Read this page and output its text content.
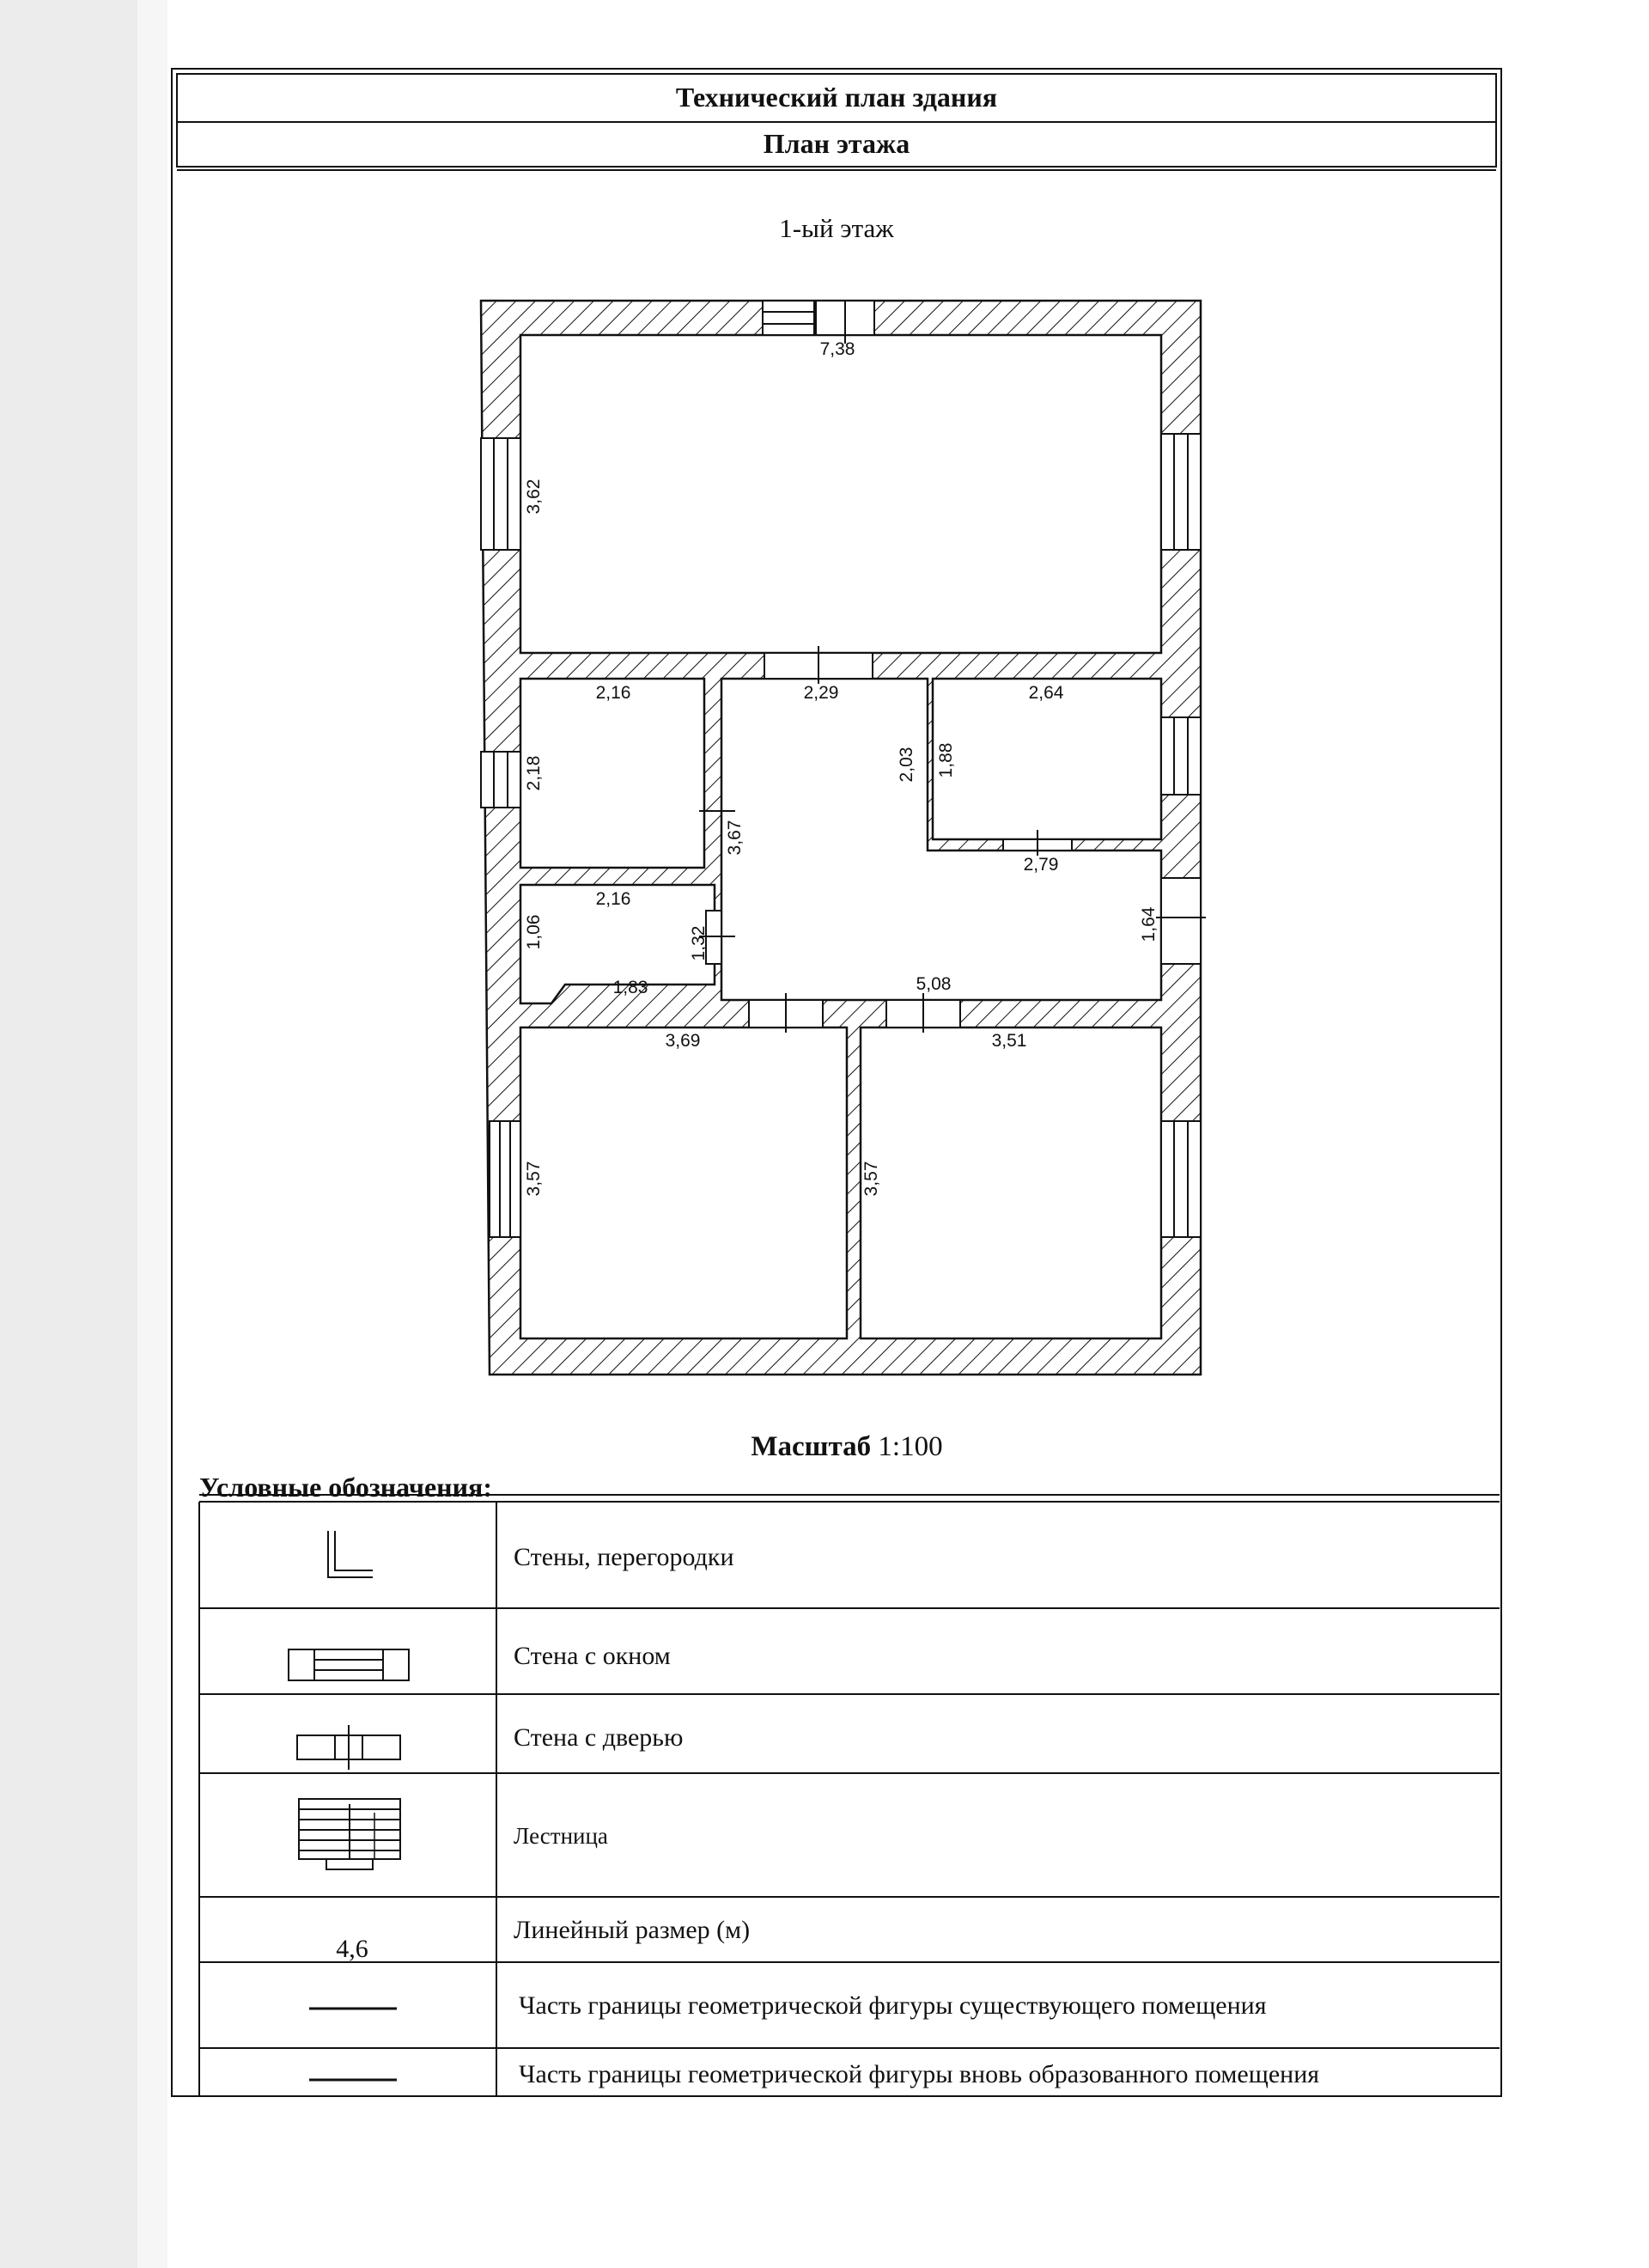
Технический план здания
План этажа
1-ый этаж
7,38
3,62
2,16
2,18
2,29
3,67
2,64
2,03 1,88
2,16
1,06	1,32
1,83
2,79
1,64
5,08
3,69
3,57
3,51
3,57
Масштаб 1:100
Условные обозначения:
4,6
Стены, перегородки
Стена с окном
Стена с дверью
Лестница
Линейный размер (м)
Часть границы геометрической фигуры существующего помещения
Часть границы геометрической фигуры вновь образованного помещения
